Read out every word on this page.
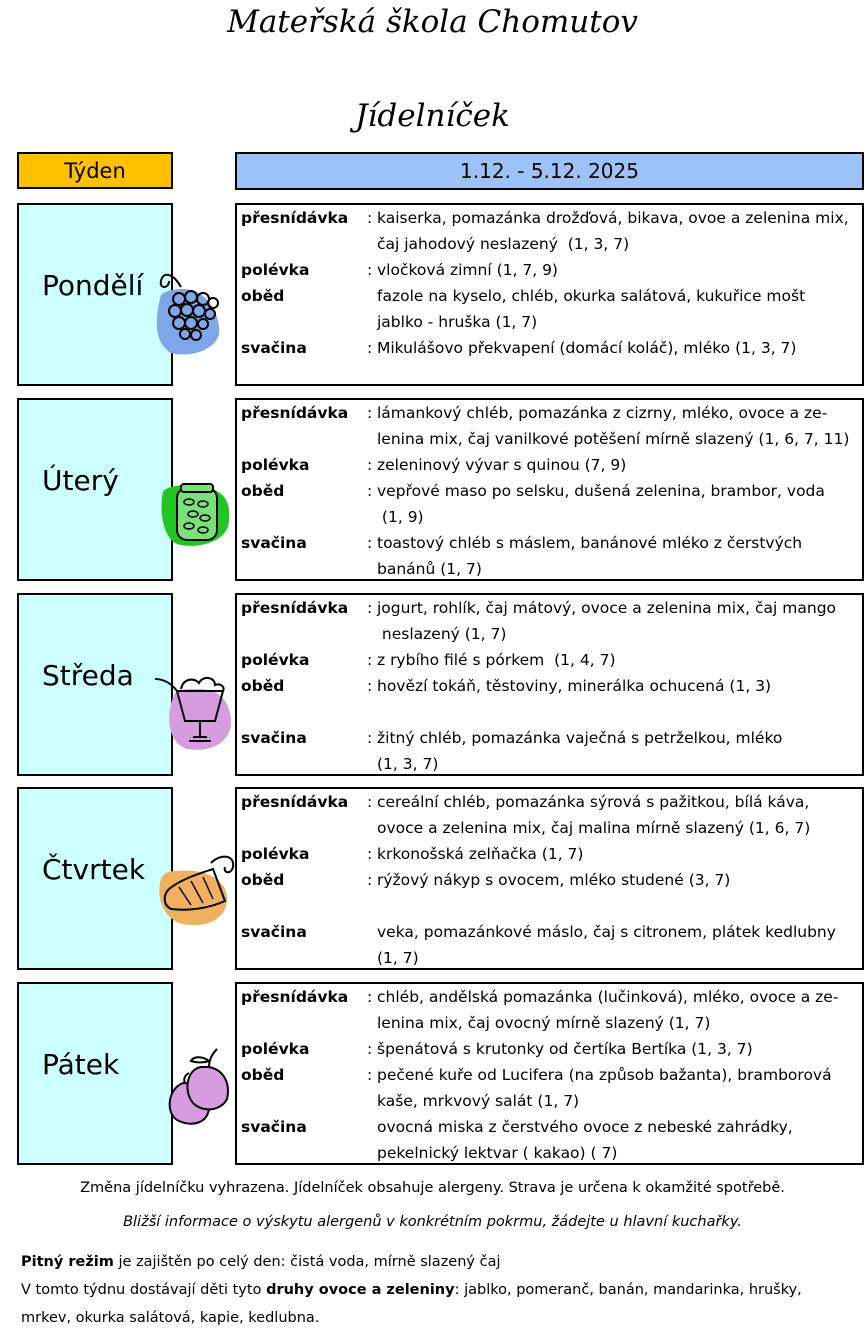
Mateřská škola Chomutov
Jídelníček
Týden	1.12. - 5.12. 2025
Pondělí
přesnídávka : kaiserka, pomazánka drožďová, bikava, ovoe a zelenina mix,
čaj jahodový neslazený  (1, 3, 7)
polévka	: vločková zimní (1, 7, 9)
oběd	fazole na kyselo, chléb, okurka salátová, kukuřice mošt
jablko - hruška (1, 7)
svačina	: Mikulášovo překvapení (domácí koláč), mléko (1, 3, 7)
Úterý
přesnídávka : lámankový chléb, pomazánka z cizrny, mléko, ovoce a ze-
lenina mix, čaj vanilkové potěšení mírně slazený (1, 6, 7, 11)
polévka	: zeleninový vývar s quinou (7, 9)
oběd	: vepřové maso po selsku, dušená zelenina, brambor, voda
(1, 9)
svačina	: toastový chléb s máslem, banánové mléko z čerstvých
banánů (1, 7)
Středa
přesnídávka : jogurt, rohlík, čaj mátový, ovoce a zelenina mix, čaj mango
neslazený (1, 7)
polévka	: z rybího filé s pórkem  (1, 4, 7)
oběd	: hovězí tokáň, těstoviny, minerálka ochucená (1, 3)
svačina	: žitný chléb, pomazánka vaječná s petrželkou, mléko
(1, 3, 7)
Čtvrtek
přesnídávka : cereální chléb, pomazánka sýrová s pažitkou, bílá káva,
ovoce a zelenina mix, čaj malina mírně slazený (1, 6, 7)
polévka	: krkonošská zelňačka (1, 7)
oběd	: rýžový nákyp s ovocem, mléko studené (3, 7)
svačina	veka, pomazánkové máslo, čaj s citronem, plátek kedlubny
(1, 7)
Pátek
přesnídávka : chléb, andělská pomazánka (lučinková), mléko, ovoce a ze-
lenina mix, čaj ovocný mírně slazený (1, 7)
polévka	: špenátová s krutonky od čertíka Bertíka (1, 3, 7)
oběd	: pečené kuře od Lucifera (na způsob bažanta), bramborová
kaše, mrkvový salát (1, 7)
svačina	ovocná miska z čerstvého ovoce z nebeské zahrádky,
pekelnický lektvar ( kakao) ( 7)
Změna jídelníčku vyhrazena. Jídelníček obsahuje alergeny. Strava je určena k okamžité spotřebě.
Bližší informace o výskytu alergenů v konkrétním pokrmu, žádejte u hlavní kuchařky.
Pitný režim je zajištěn po celý den: čistá voda, mírně slazený čaj
V tomto týdnu dostávají děti tyto druhy ovoce a zeleniny: jablko, pomeranč, banán, mandarinka, hrušky,
mrkev, okurka salátová, kapie, kedlubna.
